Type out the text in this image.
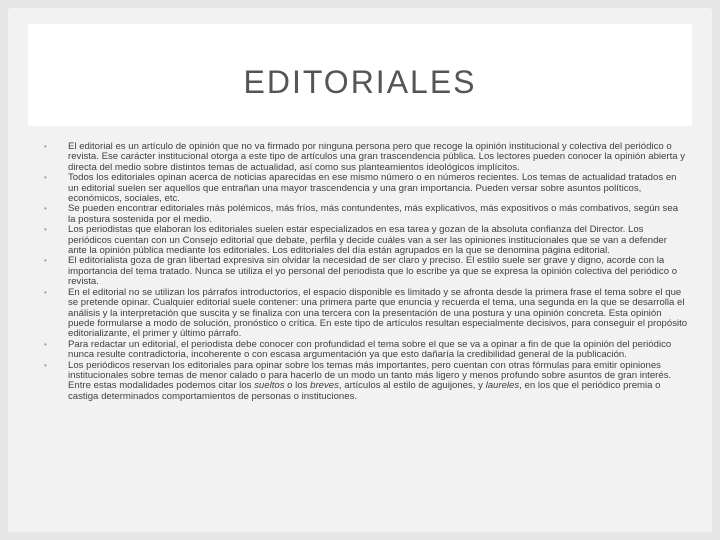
EDITORIALES
• El editorial es un artículo de opinión que no va firmado por ninguna persona pero que recoge la opinión institucional y colectiva del periódico o revista. Ese carácter institucional otorga a este tipo de artículos una gran trascendencia pública. Los lectores pueden conocer la opinión abierta y directa del medio sobre distintos temas de actualidad, así como sus planteamientos ideológicos implícitos.
• Todos los editoriales opinan acerca de noticias aparecidas en ese mismo número o en números recientes. Los temas de actualidad tratados en un editorial suelen ser aquellos que entrañan una mayor trascendencia y una gran importancia. Pueden versar sobre asuntos políticos, económicos, sociales, etc.
• Se pueden encontrar editoriales más polémicos, más fríos, más contundentes, más explicativos, más expositivos o más combativos, según sea la postura sostenida por el medio.
• Los periodistas que elaboran los editoriales suelen estar especializados en esa tarea y gozan de la absoluta confianza del Director. Los periódicos cuentan con un Consejo editorial que debate, perfila y decide cuáles van a ser las opiniones institucionales que se van a defender ante la opinión pública mediante los editoriales. Los editoriales del día están agrupados en la que se denomina página editorial.
• El editorialista goza de gran libertad expresiva sin olvidar la necesidad de ser claro y preciso. El estilo suele ser grave y digno, acorde con la importancia del tema tratado. Nunca se utiliza el yo personal del periodista que lo escribe ya que se expresa la opinión colectiva del periódico o revista.
• En el editorial no se utilizan los párrafos introductorios, el espacio disponible es limitado y se afronta desde la primera frase el tema sobre el que se pretende opinar. Cualquier editorial suele contener: una primera parte que enuncia y recuerda el tema, una segunda en la que se desarrolla el análisis y la interpretación que suscita y se finaliza con una tercera con la presentación de una postura y una opinión concreta. Esta opinión puede formularse a modo de solución, pronóstico o crítica. En este tipo de artículos resultan especialmente decisivos, para conseguir el propósito editorializante, el primer y último párrafo.
• Para redactar un editorial, el periodista debe conocer con profundidad el tema sobre el que se va a opinar a fin de que la opinión del periódico nunca resulte contradictoria, incoherente o con escasa argumentación ya que esto dañaría la credibilidad general de la publicación.
• Los periódicos reservan los editoriales para opinar sobre los temas más importantes, pero cuentan con otras fórmulas para emitir opiniones institucionales sobre temas de menor calado o para hacerlo de un modo un tanto más ligero y menos profundo sobre asuntos de gran interés. Entre estas modalidades podemos citar los sueltos o los breves, artículos al estilo de aguijones, y laureles, en los que el periódico premia o castiga determinados comportamientos de personas o instituciones.
